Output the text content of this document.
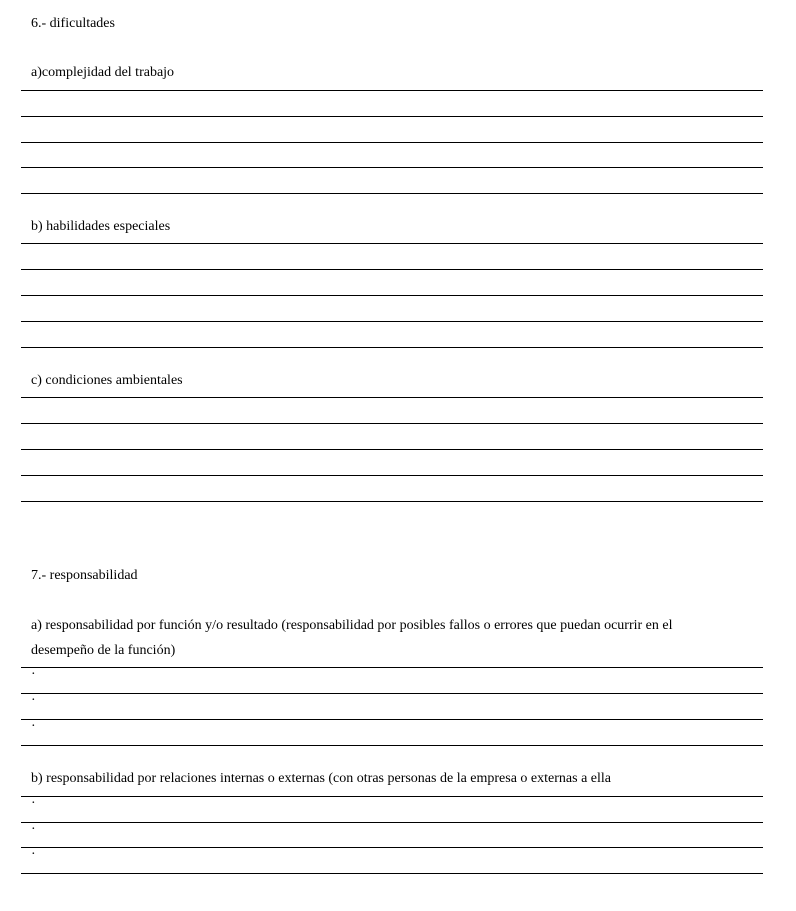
6.- dificultades
a)complejidad del trabajo
b) habilidades especiales
c) condiciones ambientales
7.- responsabilidad
a) responsabilidad por función y/o resultado (responsabilidad por posibles fallos o errores que puedan ocurrir en el
desempeño de la función)
·
·
·
b) responsabilidad por relaciones internas o externas (con otras personas de la empresa o externas a ella
·
·
·
